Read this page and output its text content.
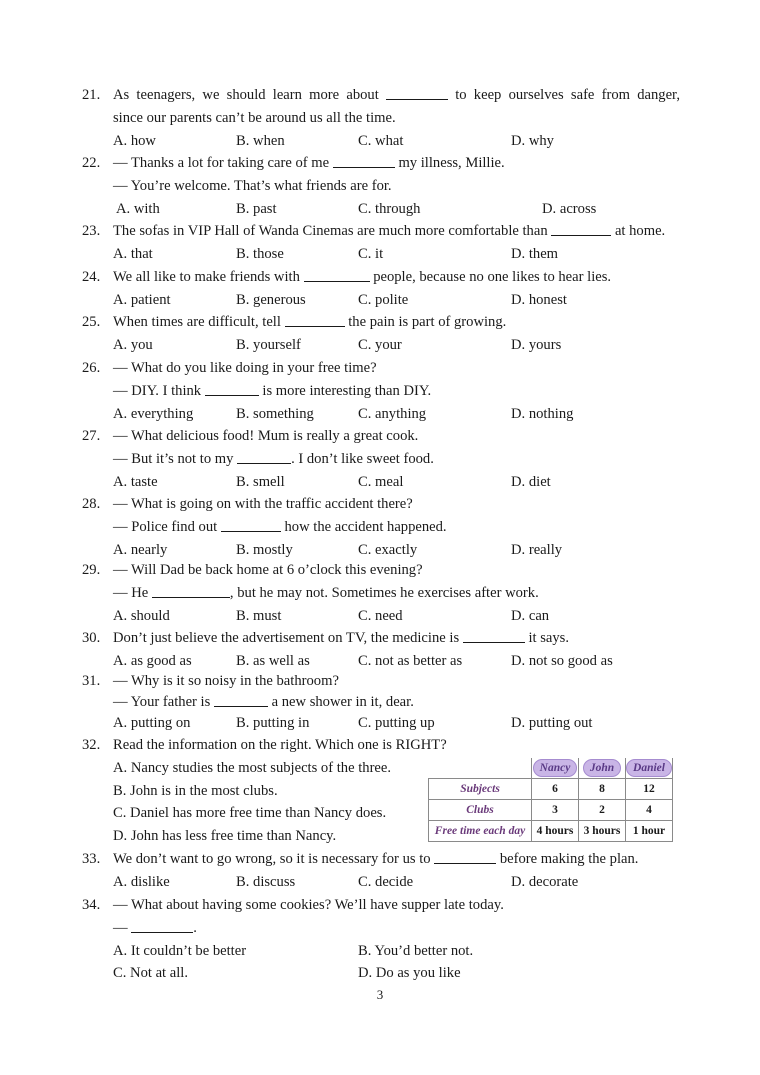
21. As teenagers, we should learn more about	to keep ourselves safe from danger,
since our parents can’t be around us all the time.
A. how	B. when	C. what	D. why
22. — Thanks a lot for taking care of me	my illness, Millie.
— You’re welcome. That’s what friends are for.
A. with	B. past	C. through	D. across
23. The sofas in VIP Hall of Wanda Cinemas are much more comfortable than	at home.
A. that	B. those	C. it	D. them
24. We all like to make friends with	people, because no one likes to hear lies.
A. patient	B. generous	C. polite	D. honest
25. When times are difficult, tell	the pain is part of growing.
A. you	B. yourself	C. your	D. yours
26. — What do you like doing in your free time?
— DIY. I think	is more interesting than DIY.
A. everything	B. something	C. anything	D. nothing
27. — What delicious food! Mum is really a great cook.
— But it’s not to my	. I don’t like sweet food.
A. taste	B. smell	C. meal	D. diet
28. — What is going on with the traffic accident there?
— Police find out	how the accident happened.
A. nearly	B. mostly	C. exactly	D. really
29. — Will Dad be back home at 6 o’clock this evening?
— He	, but he may not. Sometimes he exercises after work.
A. should	B. must	C. need	D. can
30. Don’t just believe the advertisement on TV, the medicine is	it says.
A. as good as	B. as well as	C. not as better as	D. not so good as
31. — Why is it so noisy in the bathroom?
— Your father is	a new shower in it, dear.
A. putting on	B. putting in	C. putting up	D. putting out
32. Read the information on the right. Which one is RIGHT?
A. Nancy studies the most subjects of the three.
B. John is in the most clubs.
C. Daniel has more free time than Nancy does.
D. John has less free time than Nancy.
	Nancy	John	Daniel
Subjects	6	8	12
Clubs	3	2	4
Free time each day	4 hours	3 hours	1 hour
33. We don’t want to go wrong, so it is necessary for us to	before making the plan.
A. dislike	B. discuss	C. decide	D. decorate
34. — What about having some cookies? We’ll have supper late today.
—	.
A. It couldn’t be better	B. You’d better not.
C. Not at all.	D. Do as you like
3
